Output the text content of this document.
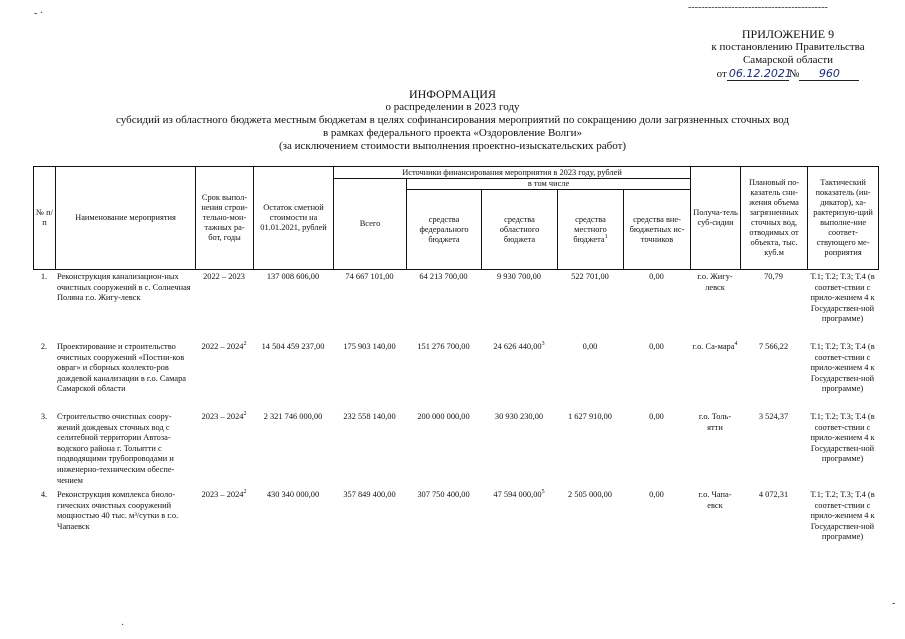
‐ ·
‐‐‐‐‐‐‐‐‐‐‐‐‐‐‐‐‐‐‐‐‐‐‐‐‐‐‐‐‐‐‐‐‐‐‐‐‐‐‐‐‐‐
ПРИЛОЖЕНИЕ 9
к постановлению Правительства
Самарской области
от 06.12.2021
№	960
ИНФОРМАЦИЯ
о распределении в 2023 году
субсидий из областного бюджета местным бюджетам в целях софинансирования мероприятий по сокращению доли загрязненных сточных вод
в рамках федерального проекта «Оздоровление Волги»
(за исключением стоимости выполнения проектно-изыскательских работ)
№ п/п	Наименование мероприятия	Срок выпол-нения строи-тельно-мон-тажных ра-бот, годы	Остаток сметной стоимости на 01.01.2021, рублей	Источники финансирования мероприятия в 2023 году, рублей					Получа-тель суб-сидии	Плановый по-казатель сни-жения объема загрязненных сточных вод, отводимых от объекта, тыс. куб.м	Тактический показатель (ин-дикатор), ха-рактеризую-щий выполне-ние соответ-ствующего ме-роприятия
				Всего	в том числе						
					средства федерального бюджета	средства областного бюджета	средства местного бюджета$^1$	средства вне-бюджетных ис-точников			
1.	Реконструкция канализацион-ных очистных сооружений в с. Солнечная Поляна г.о. Жигу-левск	2022 – 2023	137 008 606,00	74 667 101,00	64 213 700,00	9 930 700,00	522 701,00	0,00	г.о. Жигу-левск	70,79	Т.1; Т.2; Т.3; Т.4 (в соответ-ствии с прило-жением 4 к Государствен-ной программе)
2.	Проектирование и строительство очистных сооружений «Постни-ков овраг» и сборных коллекто-ров дождевой канализации в г.о. Самара Самарской области	2022 – 2024$^2$	14 504 459 237,00	175 903 140,00	151 276 700,00	24 626 440,00$^3$	0,00	0,00	г.о. Са-мара$^4$	7 566,22	Т.1; Т.2; Т.3; Т.4 (в соответ-ствии с прило-жением 4 к Государствен-ной программе)
3.	Строительство очистных соору-жений дождевых сточных вод с селитебной территории Автоза-водского района г. Тольятти с подводящими трубопроводами и инженерно-техническим обеспе-чением	2023 – 2024$^2$	2 321 746 000,00	232 558 140,00	200 000 000,00	30 930 230,00	1 627 910,00	0,00	г.о. Толь-ятти	3 524,37	Т.1; Т.2; Т.3; Т.4 (в соответ-ствии с прило-жением 4 к Государствен-ной программе)
4.	Реконструкция комплекса биоло-гических очистных сооружений мощностью 40 тыс. м³/сутки в г.о. Чапаевск	2023 – 2024$^2$	430 340 000,00	357 849 400,00	307 750 400,00	47 594 000,00$^5$	2 505 000,00	0,00	г.о. Чапа-евск	4 072,31	Т.1; Т.2; Т.3; Т.4 (в соответ-ствии с прило-жением 4 к Государствен-ной программе)
·
-
